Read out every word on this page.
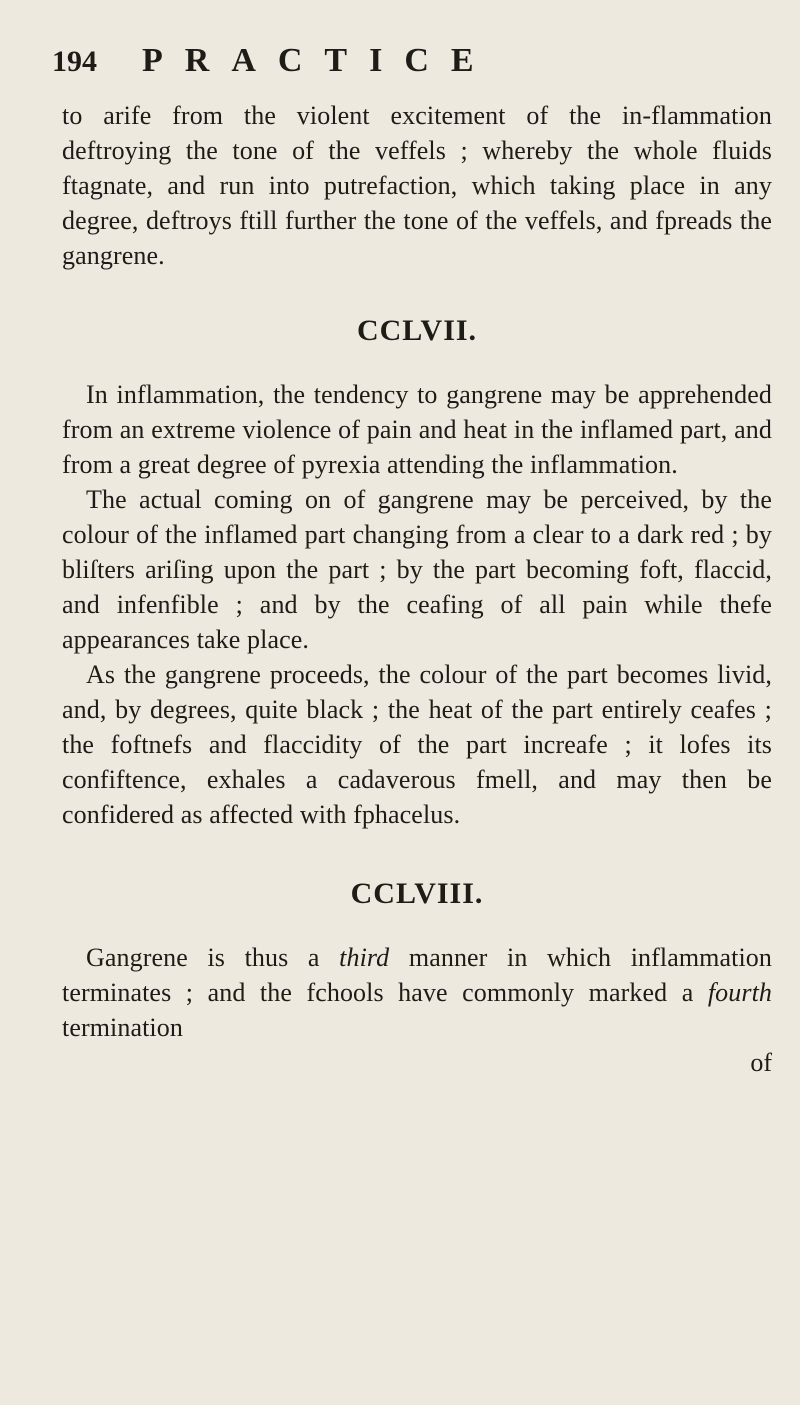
194	PRACTICE

to arife from the violent excitement of the in-flammation deftroying the tone of the veffels ; whereby the whole fluids ftagnate, and run into putrefaction, which taking place in any degree, deftroys ftill further the tone of the veffels, and fpreads the gangrene.

CCLVII.

In inflammation, the tendency to gangrene may be apprehended from an extreme violence of pain and heat in the inflamed part, and from a great degree of pyrexia attending the inflammation.

The actual coming on of gangrene may be perceived, by the colour of the inflamed part changing from a clear to a dark red ; by bliſters ariſing upon the part ; by the part becoming foft, flaccid, and infenfible ; and by the ceafing of all pain while thefe appearances take place.

As the gangrene proceeds, the colour of the part becomes livid, and, by degrees, quite black ; the heat of the part entirely ceafes ; the foftnefs and flaccidity of the part increafe ; it lofes its confiftence, exhales a cadaverous fmell, and may then be confidered as affected with fphacelus.

CCLVIII.

Gangrene is thus a third manner in which inflammation terminates ; and the fchools have commonly marked a fourth termination

of
